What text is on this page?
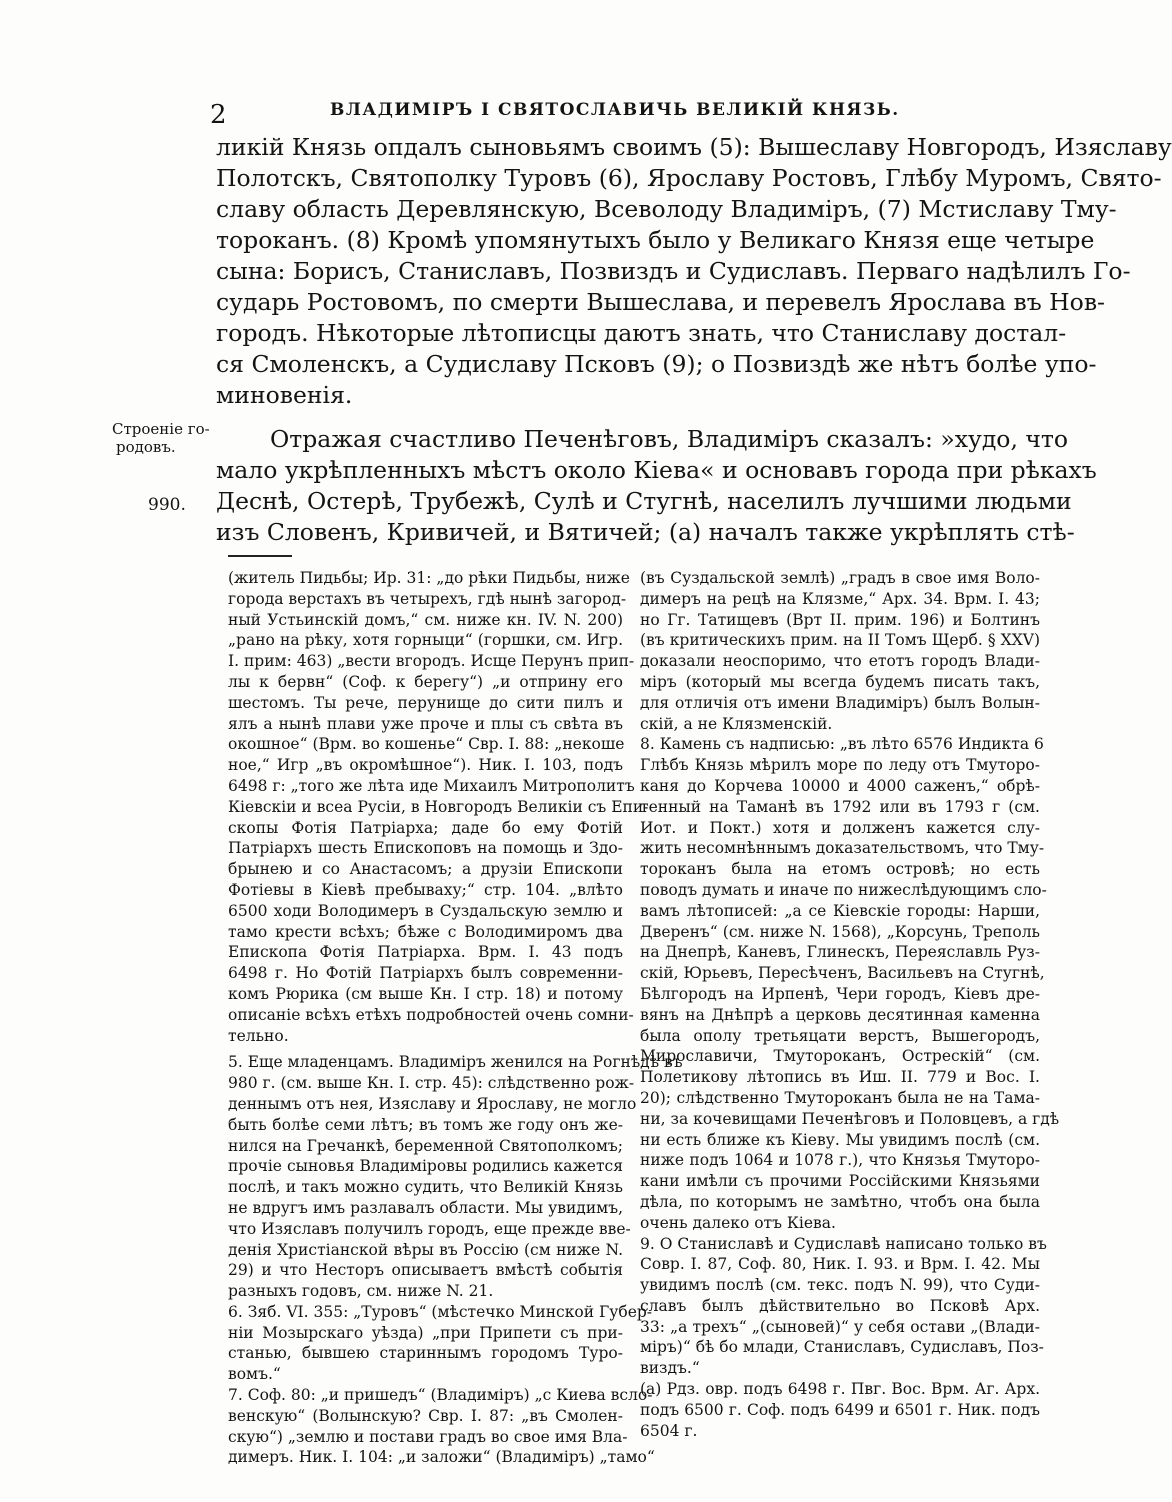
2	ВЛАДИМІРЪ І СВЯТОСЛАВИЧЬ ВЕЛИКІЙ КНЯЗЬ.
ликій Князь опдалъ сыновьямъ своимъ (5): Вышеславу Новгородъ, Изяславу
Полотскъ, Святополку Туровъ (6), Ярославу Ростовъ, Глѣбу Муромъ, Свято-
славу область Деревлянскую, Всеволоду Владиміръ, (7) Мстиславу Тму-
тороканъ. (8) Кромѣ упомянутыхъ было у Великаго Князя еще четыре
сына: Борисъ, Станиславъ, Позвиздъ и Судиславъ. Перваго надѣлилъ Го-
сударь Ростовомъ, по смерти Вышеслава, и перевелъ Ярослава въ Нов-
городъ. Нѣкоторые лѣтописцы даютъ знать, что Станиславу достал-
ся Смоленскъ, а Судиславу Псковъ (9); о Позвиздѣ же нѣтъ болѣе упо-
миновенія.
Отражая счастливо Печенѣговъ, Владиміръ сказалъ: »худо, что
мало укрѣпленныхъ мѣстъ около Кіева« и основавъ города при рѣкахъ
Деснѣ, Остерѣ, Трубежѣ, Сулѣ и Стугнѣ, населилъ лучшими людьми
изъ Словенъ, Кривичей, и Вятичей; (а) началъ также укрѣплять стѣ-
Строеніе го-
родовъ.
990.
(житель Пидьбы; Ир. 31: „до рѣки Пидьбы, ниже
города верстахъ въ четырехъ, гдѣ нынѣ загород-
ный Устьинскій домъ,“ см. ниже кн. IV. N. 200)
„рано на рѣку, хотя горныци“ (горшки, см. Игр.
I. прим: 463) „вести вгородъ. Исще Перунъ прип-
лы к бервн“ (Соф. к берегу“) „и отприну его
шестомъ. Ты рече, перунище до сити пилъ и
ялъ а нынѣ плави уже проче и плы съ свѣта въ
окошное“ (Врм. во кошенье“ Свр. I. 88: „некоше
ное,“ Игр „въ окромѣшное“). Ник. I. 103, подъ
6498 г: „того же лѣта иде Михаилъ Митрополитъ
Кіевскіи и всеа Русіи, в Новгородъ Великіи съ Епи-
скопы Фотія Патріарха; даде бо ему Фотій
Патріархъ шесть Епископовъ на помощь и Здо-
брынею и со Анастасомъ; а друзіи Епископи
Фотіевы в Кіевѣ пребываху;“ стр. 104. „влѣто
6500 ходи Володимеръ в Суздальскую землю и
тамо крести всѣхъ; бѣже с Володимиромъ два
Епископа Фотія Патріарха. Врм. I. 43 подъ
6498 г. Но Фотій Патріархъ былъ современни-
комъ Рюрика (см выше Кн. I стр. 18) и потому
описаніе всѣхъ етѣхъ подробностей очень сомни-
тельно.
5. Еще младенцамъ. Владиміръ женился на Рогнѣдѣ въ
980 г. (см. выше Кн. I. стр. 45): слѣдственно рож-
деннымъ отъ нея, Изяславу и Ярославу, не могло
быть болѣе семи лѣтъ; въ томъ же году онъ же-
нился на Гречанкѣ, беременной Святополкомъ;
прочіе сыновья Владиміровы родились кажется
послѣ, и такъ можно судить, что Великій Князь
не вдругъ имъ разлавалъ области. Мы увидимъ,
что Изяславъ получилъ городъ, еще прежде вве-
денія Христіанской вѣры въ Россію (см ниже N.
29) и что Несторъ описываетъ вмѣстѣ событія
разныхъ годовъ, см. ниже N. 21.
6. Зяб. VI. 355: „Туровъ“ (мѣстечко Минской Губер-
ніи Мозырскаго уѣзда) „при Припети съ при-
станью, бывшею стариннымъ городомъ Туро-
вомъ.“
7. Соф. 80: „и пришедъ“ (Владиміръ) „с Киева всло-
венскую“ (Волынскую? Свр. I. 87: „въ Смолен-
скую“) „землю и постави градъ во свое имя Вла-
димеръ. Ник. I. 104: „и заложи“ (Владиміръ) „тамо“
(въ Суздальской землѣ) „градъ в свое имя Воло-
димеръ на рецѣ на Клязме,“ Арх. 34. Врм. I. 43;
но Гг. Татищевъ (Врт II. прим. 196) и Болтинъ
(въ критическихъ прим. на II Томъ Щерб. § XXV)
доказали неоспоримо, что етотъ городъ Влади-
міръ (который мы всегда будемъ писать такъ,
для отличія отъ имени Владиміръ) былъ Волын-
скій, а не Клязменскій.
8. Камень съ надписью: „въ лѣто 6576 Индикта 6
Глѣбъ Князь мѣрилъ море по леду отъ Тмуторо-
каня до Корчева 10000 и 4000 саженъ,“ обрѣ-
тенный на Таманѣ въ 1792 или въ 1793 г (см.
Иот. и Покт.) хотя и долженъ кажется слу-
жить несомнѣннымъ доказательствомъ, что Тму-
тороканъ была на етомъ островѣ; но есть
поводъ думать и иначе по нижеслѣдующимъ сло-
вамъ лѣтописей: „а се Кіевскіе городы: Нарши,
Дверенъ“ (см. ниже N. 1568), „Корсунь, Треполь
на Днепрѣ, Каневъ, Глинескъ, Переяславль Руз-
скій, Юрьевъ, Пересѣченъ, Васильевъ на Стугнѣ,
Бѣлгородъ на Ирпенѣ, Чери городъ, Кіевъ дре-
вянъ на Днѣпрѣ а церковь десятинная каменна
была ополу третьяцати верстъ, Вышегородъ,
Мирославичи, Тмутороканъ, Острескій“ (см.
Полетикову лѣтопись въ Иш. II. 779 и Вос. I.
20); слѣдственно Тмутороканъ была не на Тама-
ни, за кочевищами Печенѣговъ и Половцевъ, а гдѣ
ни есть ближе къ Кіеву. Мы увидимъ послѣ (см.
ниже подъ 1064 и 1078 г.), что Князья Тмуторо-
кани имѣли съ прочими Россійскими Князьями
дѣла, по которымъ не замѣтно, чтобъ она была
очень далеко отъ Кіева.
9. О Станиславѣ и Судиславѣ написано только въ
Совр. I. 87, Соф. 80, Ник. I. 93. и Врм. I. 42. Мы
увидимъ послѣ (см. текс. подъ N. 99), что Суди-
славъ былъ дѣйствительно во Псковѣ Арх.
33: „а трехъ“ „(сыновей)“ у себя остави „(Влади-
міръ)“ бѣ бо млади, Станиславъ, Судиславъ, Поз-
виздъ.“
(а) Рдз. овр. подъ 6498 г. Пвг. Вос. Врм. Аг. Арх.
подъ 6500 г. Соф. подъ 6499 и 6501 г. Ник. подъ
6504 г.
